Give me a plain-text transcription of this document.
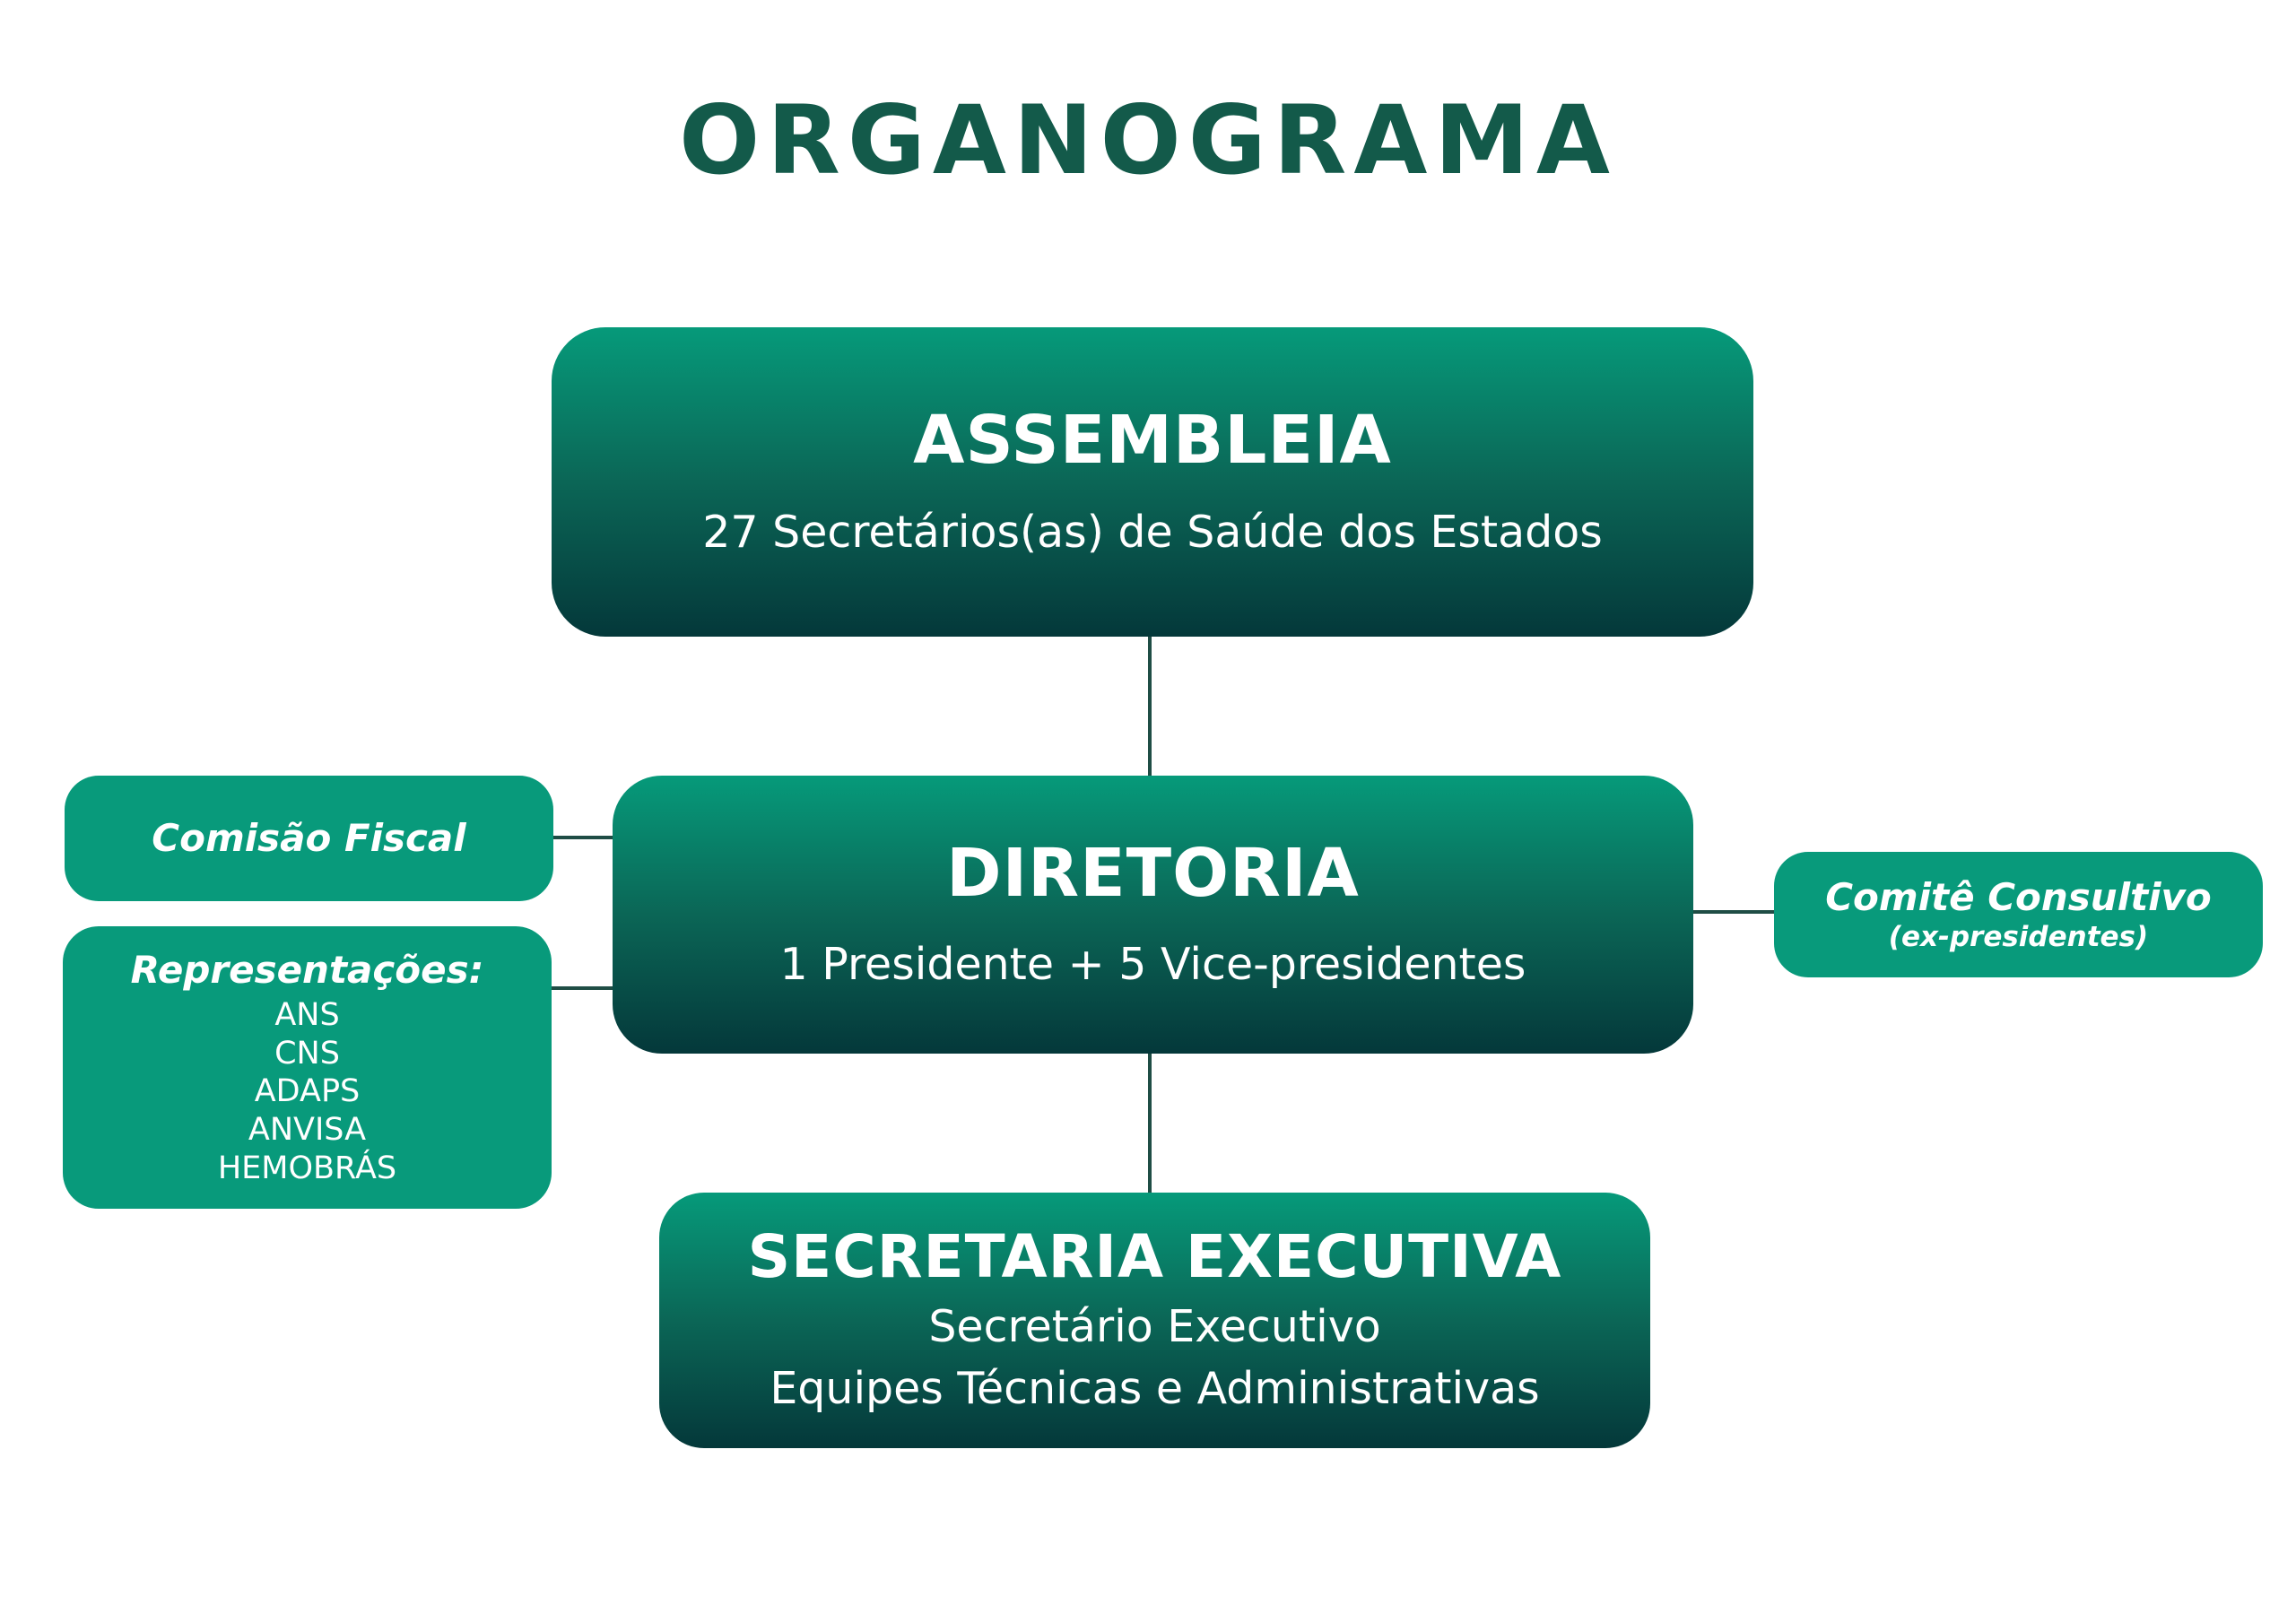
ORGANOGRAMA
ASSEMBLEIA
27 Secretários(as) de Saúde dos Estados
DIRETORIA
1 Presidente + 5 Vice-presidentes
SECRETARIA EXECUTIVA
Secretário Executivo
Equipes Técnicas e Administrativas
Comisão Fiscal
Representações:
ANS
CNS
ADAPS
ANVISA
HEMOBRÁS
Comitê Consultivo
(ex-presidentes)
